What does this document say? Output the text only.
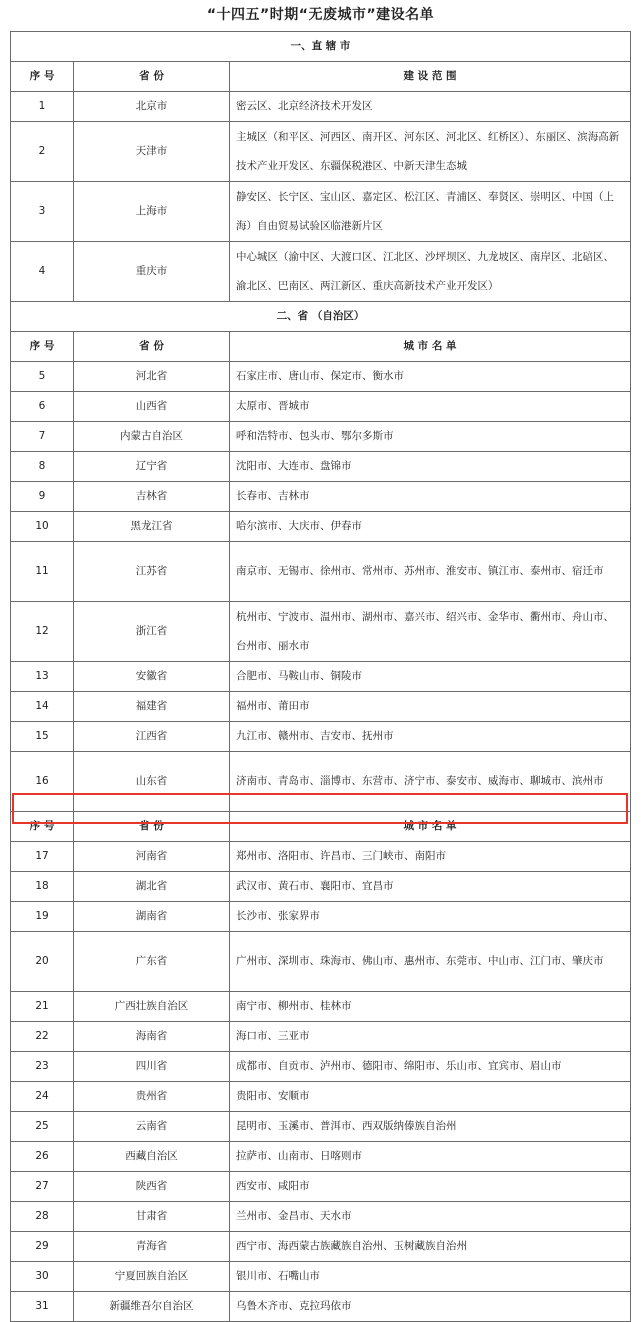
“十四五”时期“无废城市”建设名单
一、直 辖 市		
序 号	省 份	建 设 范 围
1	北京市	密云区、北京经济技术开发区
2	天津市	主城区（和平区、河西区、南开区、河东区、河北区、红桥区）、东丽区、滨海高新技术产业开发区、东疆保税港区、中新天津生态城
3	上海市	静安区、长宁区、宝山区、嘉定区、松江区、青浦区、奉贤区、崇明区、中国（上海）自由贸易试验区临港新片区
4	重庆市	中心城区（渝中区、大渡口区、江北区、沙坪坝区、九龙坡区、南岸区、北碚区、渝北区、巴南区、两江新区、重庆高新技术产业开发区）
二、省 （自治区）		
序 号	省 份	城 市 名 单
5	河北省	石家庄市、唐山市、保定市、衡水市
6	山西省	太原市、晋城市
7	内蒙古自治区	呼和浩特市、包头市、鄂尔多斯市
8	辽宁省	沈阳市、大连市、盘锦市
9	吉林省	长春市、吉林市
10	黑龙江省	哈尔滨市、大庆市、伊春市
11	江苏省	南京市、无锡市、徐州市、常州市、苏州市、淮安市、镇江市、泰州市、宿迁市
12	浙江省	杭州市、宁波市、温州市、湖州市、嘉兴市、绍兴市、金华市、衢州市、舟山市、台州市、丽水市
13	安徽省	合肥市、马鞍山市、铜陵市
14	福建省	福州市、莆田市
15	江西省	九江市、赣州市、吉安市、抚州市
16	山东省	济南市、青岛市、淄博市、东营市、济宁市、泰安市、威海市、聊城市、滨州市
序 号	省 份	城 市 名 单
17	河南省	郑州市、洛阳市、许昌市、三门峡市、南阳市
18	湖北省	武汉市、黄石市、襄阳市、宜昌市
19	湖南省	长沙市、张家界市
20	广东省	广州市、深圳市、珠海市、佛山市、惠州市、东莞市、中山市、江门市、肇庆市
21	广西壮族自治区	南宁市、柳州市、桂林市
22	海南省	海口市、三亚市
23	四川省	成都市、自贡市、泸州市、德阳市、绵阳市、乐山市、宜宾市、眉山市
24	贵州省	贵阳市、安顺市
25	云南省	昆明市、玉溪市、普洱市、西双版纳傣族自治州
26	西藏自治区	拉萨市、山南市、日喀则市
27	陕西省	西安市、咸阳市
28	甘肃省	兰州市、金昌市、天水市
29	青海省	西宁市、海西蒙古族藏族自治州、玉树藏族自治州
30	宁夏回族自治区	银川市、石嘴山市
31	新疆维吾尔自治区	乌鲁木齐市、克拉玛依市
